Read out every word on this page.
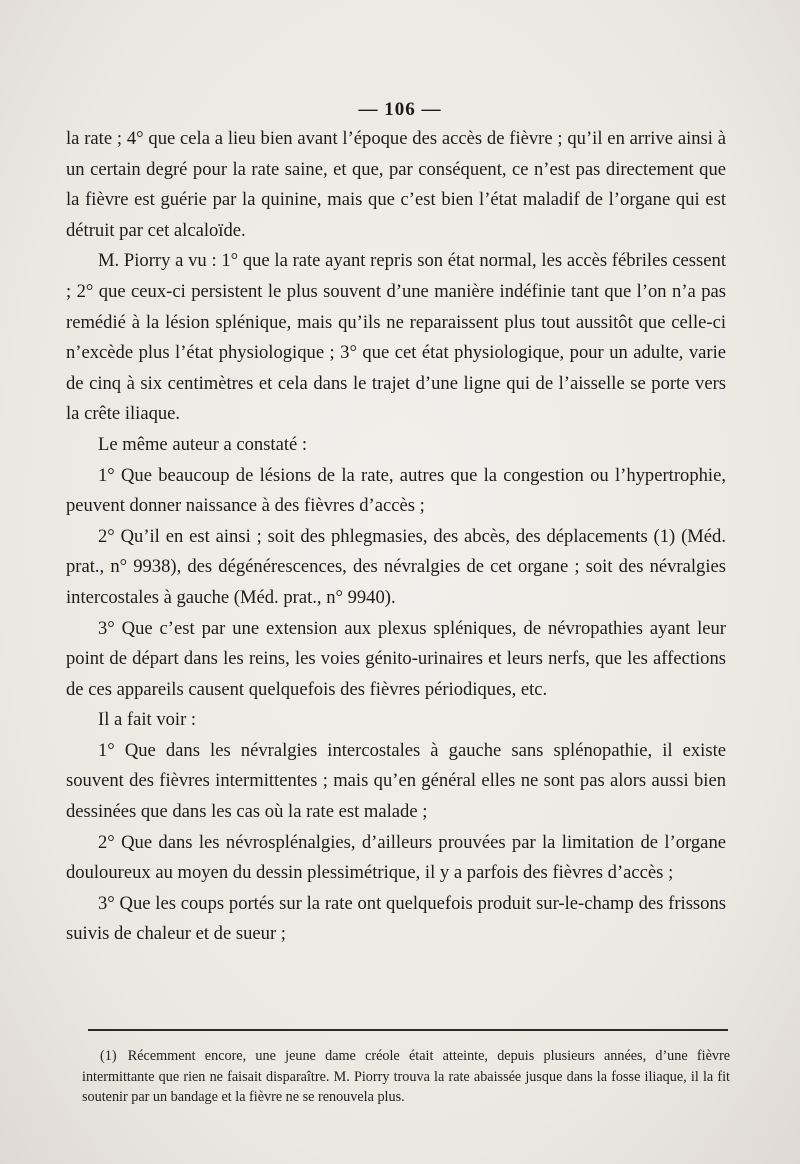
— 106 —

la rate ; 4° que cela a lieu bien avant l’époque des accès de fièvre ; qu’il en arrive ainsi à un certain degré pour la rate saine, et que, par conséquent, ce n’est pas directement que la fièvre est guérie par la quinine, mais que c’est bien l’état maladif de l’organe qui est détruit par cet alcaloïde.

M. Piorry a vu : 1° que la rate ayant repris son état normal, les accès fébriles cessent ; 2° que ceux-ci persistent le plus souvent d’une manière indéfinie tant que l’on n’a pas remédié à la lésion splénique, mais qu’ils ne reparaissent plus tout aussitôt que celle-ci n’excède plus l’état physiologique ; 3° que cet état physiologique, pour un adulte, varie de cinq à six centimètres et cela dans le trajet d’une ligne qui de l’aisselle se porte vers la crête iliaque.

Le même auteur a constaté :

1° Que beaucoup de lésions de la rate, autres que la congestion ou l’hypertrophie, peuvent donner naissance à des fièvres d’accès ;

2° Qu’il en est ainsi ; soit des phlegmasies, des abcès, des déplacements (1) (Méd. prat., n° 9938), des dégénérescences, des névralgies de cet organe ; soit des névralgies intercostales à gauche (Méd. prat., n° 9940).

3° Que c’est par une extension aux plexus spléniques, de névropathies ayant leur point de départ dans les reins, les voies génito-urinaires et leurs nerfs, que les affections de ces appareils causent quelquefois des fièvres périodiques, etc.

Il a fait voir :

1° Que dans les névralgies intercostales à gauche sans splénopathie, il existe souvent des fièvres intermittentes ; mais qu’en général elles ne sont pas alors aussi bien dessinées que dans les cas où la rate est malade ;

2° Que dans les névrosplénalgies, d’ailleurs prouvées par la limitation de l’organe douloureux au moyen du dessin plessimétrique, il y a parfois des fièvres d’accès ;

3° Que les coups portés sur la rate ont quelquefois produit sur-le-champ des frissons suivis de chaleur et de sueur ;

(1) Récemment encore, une jeune dame créole était atteinte, depuis plusieurs années, d’une fièvre intermittante que rien ne faisait disparaître. M. Piorry trouva la rate abaissée jusque dans la fosse iliaque, il la fit soutenir par un bandage et la fièvre ne se renouvela plus.
